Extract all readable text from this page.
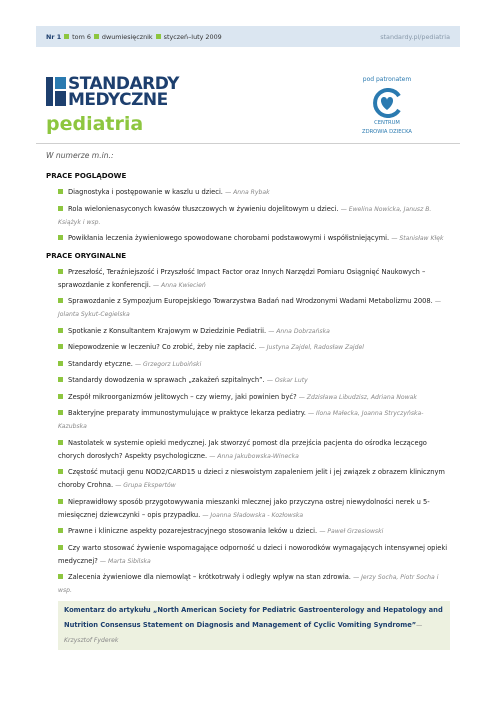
Nr 1 tom 6 dwumiesięcznik styczeń–luty 2009	standardy.pl/pediatria
STANDARDY
MEDYCZNE
pediatria
pod patronatem
CENTRUM
ZDROWIA DZIECKA
W numerze m.in.:
PRACE POGLĄDOWE
Diagnostyka i postępowanie w kaszlu u dzieci. — Anna Rybak
Rola wielonienasyconych kwasów tłuszczowych w żywieniu dojelitowym u dzieci. — Ewelina Nowicka, Janusz B. Książyk i wsp.
Powikłania leczenia żywieniowego spowodowane chorobami podstawowymi i współistniejącymi. — Stanisław Kłęk
PRACE ORYGINALNE
Przeszłość, Teraźniejszość i Przyszłość Impact Factor oraz Innych Narzędzi Pomiaru Osiągnięć Naukowych – sprawozdanie z konferencji. — Anna Kwiecień
Sprawozdanie z Sympozjum Europejskiego Towarzystwa Badań nad Wrodzonymi Wadami Metabolizmu 2008. — Jolanta Sykut-Cegielska
Spotkanie z Konsultantem Krajowym w Dziedzinie Pediatrii. — Anna Dobrzańska
Niepowodzenie w leczeniu? Co zrobić, żeby nie zapłacić. — Justyna Zajdel, Radosław Zajdel
Standardy etyczne. — Grzegorz Luboiński
Standardy dowodzenia w sprawach „zakażeń szpitalnych”. — Oskar Luty
Zespół mikroorganizmów jelitowych – czy wiemy, jaki powinien być? — Zdzisława Libudzisz, Adriana Nowak
Bakteryjne preparaty immunostymulujące w praktyce lekarza pediatry. — Ilona Małecka, Joanna Stryczyńska-Kazubska
Nastolatek w systemie opieki medycznej. Jak stworzyć pomost dla przejścia pacjenta do ośrodka leczącego chorych dorosłych? Aspekty psychologiczne. — Anna Jakubowska-Winecka
Częstość mutacji genu NOD2/CARD15 u dzieci z nieswoistym zapaleniem jelit i jej związek z obrazem klinicznym choroby Crohna. — Grupa Ekspertów
Nieprawidłowy sposób przygotowywania mieszanki mlecznej jako przyczyna ostrej niewydolności nerek u 5-miesięcznej dziewczynki – opis przypadku. — Joanna Sładowska - Kozłowska
Prawne i kliniczne aspekty pozarejestracyjnego stosowania leków u dzieci. — Paweł Grzesiowski
Czy warto stosować żywienie wspomagające odporność u dzieci i noworodków wymagających intensywnej opieki medycznej? — Marta Sibilska
Zalecenia żywieniowe dla niemowląt – krótkotrwały i odległy wpływ na stan zdrowia. — Jerzy Socha, Piotr Socha i wsp.
Komentarz do artykułu „North American Society for Pediatric Gastroenterology and Hepatology and Nutrition Consensus Statement on Diagnosis and Management of Cyclic Vomiting Syndrome”— Krzysztof Fyderek
